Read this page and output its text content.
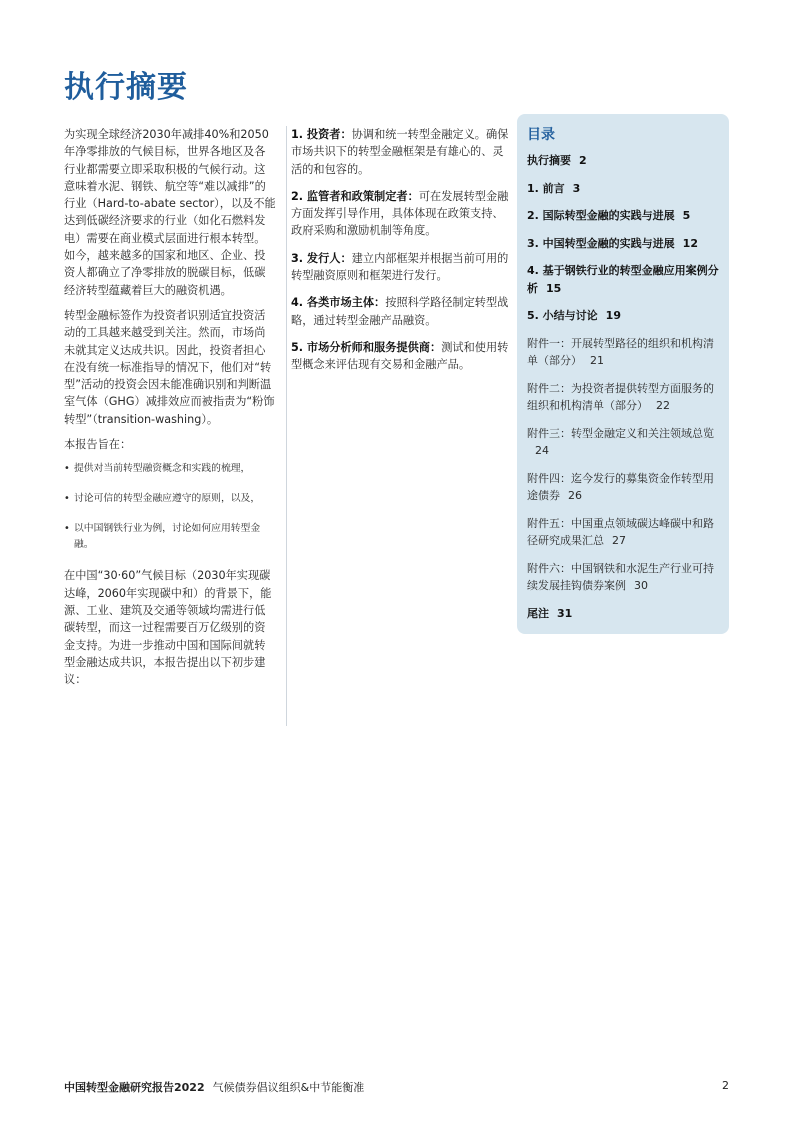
执行摘要

为实现全球经济2030年减排40%和2050年净零排放的气候目标，世界各地区及各行业都需要立即采取积极的气候行动。这意味着水泥、钢铁、航空等“难以减排”的行业（Hard-to-abate sector），以及不能达到低碳经济要求的行业（如化石燃料发电）需要在商业模式层面进行根本转型。如今，越来越多的国家和地区、企业、投资人都确立了净零排放的脱碳目标，低碳经济转型蕴藏着巨大的融资机遇。

转型金融标签作为投资者识别适宜投资活动的工具越来越受到关注。然而，市场尚未就其定义达成共识。因此，投资者担心在没有统一标准指导的情况下，他们对“转型”活动的投资会因未能准确识别和判断温室气体（GHG）减排效应而被指责为“粉饰转型”（transition-washing）。

本报告旨在：

• 提供对当前转型融资概念和实践的梳理，
• 讨论可信的转型金融应遵守的原则，以及，
• 以中国钢铁行业为例，讨论如何应用转型金融。

在中国“30·60”气候目标（2030年实现碳达峰，2060年实现碳中和）的背景下，能源、工业、建筑及交通等领域均需进行低碳转型，而这一过程需要百万亿级别的资金支持。为进一步推动中国和国际间就转型金融达成共识，本报告提出以下初步建议：

1. 投资者：协调和统一转型金融定义。确保市场共识下的转型金融框架是有雄心的、灵活的和包容的。

2. 监管者和政策制定者：可在发展转型金融方面发挥引导作用，具体体现在政策支持、政府采购和激励机制等角度。

3. 发行人：建立内部框架并根据当前可用的转型融资原则和框架进行发行。

4. 各类市场主体：按照科学路径制定转型战略，通过转型金融产品融资。

5. 市场分析师和服务提供商：测试和使用转型概念来评估现有交易和金融产品。

目录
执行摘要 2
1. 前言 3
2. 国际转型金融的实践与进展 5
3. 中国转型金融的实践与进展 12
4. 基于钢铁行业的转型金融应用案例分析 15
5. 小结与讨论 19
附件一：开展转型路径的组织和机构清单（部分） 21
附件二：为投资者提供转型方面服务的组织和机构清单（部分） 22
附件三：转型金融定义和关注领域总览24
附件四：迄今发行的募集资金作转型用途债券 26
附件五：中国重点领域碳达峰碳中和路径研究成果汇总 27
附件六：中国钢铁和水泥生产行业可持续发展挂钩债券案例 30
尾注 31
中国转型金融研究报告2022 气候债券倡议组织&中节能衡准	2
